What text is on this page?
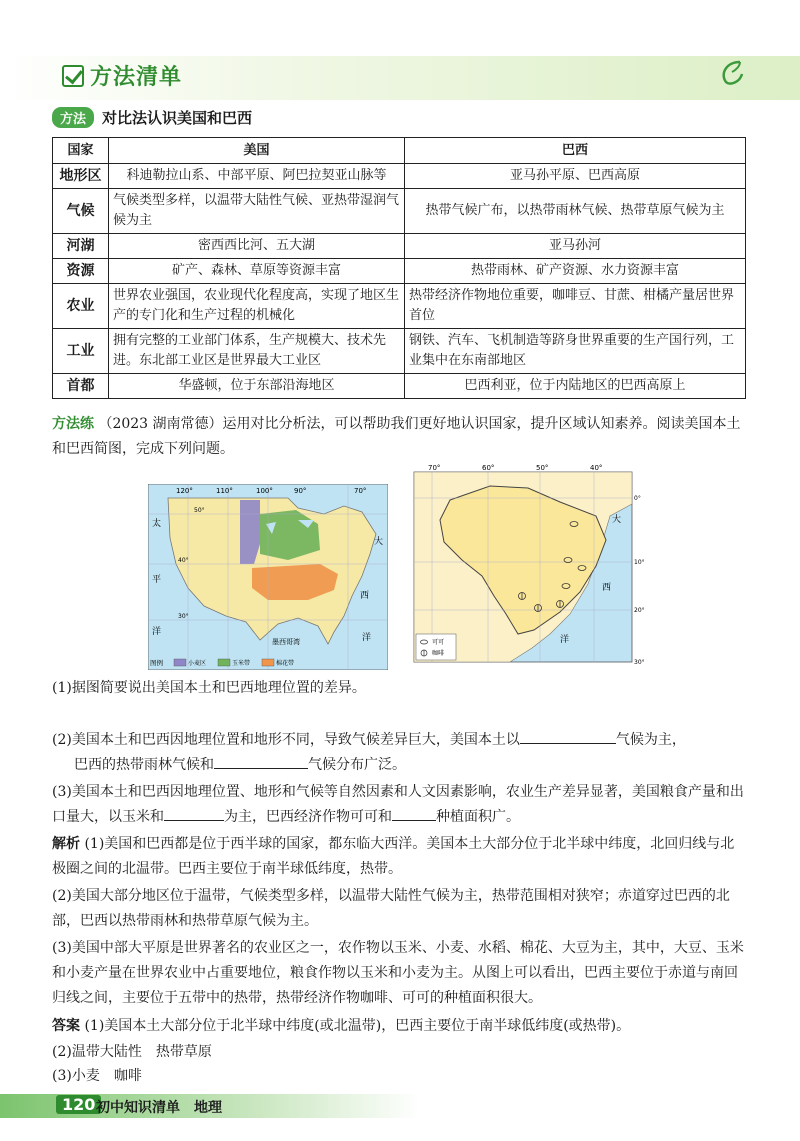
方法清单
方法	对比法认识美国和巴西
国家	美国	巴西
地形区	科迪勒拉山系、中部平原、阿巴拉契亚山脉等	亚马孙平原、巴西高原
气候	气候类型多样，以温带大陆性气候、亚热带湿润气候为主	热带气候广布，以热带雨林气候、热带草原气候为主
河湖	密西西比河、五大湖	亚马孙河
资源	矿产、森林、草原等资源丰富	热带雨林、矿产资源、水力资源丰富
农业	世界农业强国，农业现代化程度高，实现了地区生产的专门化和生产过程的机械化	热带经济作物地位重要，咖啡豆、甘蔗、柑橘产量居世界首位
工业	拥有完整的工业部门体系，生产规模大、技术先进。东北部工业区是世界最大工业区	钢铁、汽车、飞机制造等跻身世界重要的生产国行列，工业集中在东南部地区
首都	华盛顿，位于东部沿海地区	巴西利亚，位于内陆地区的巴西高原上
方法练 （2023 湖南常德）运用对比分析法，可以帮助我们更好地认识国家，提升区域认知素养。阅读美国本土和巴西简图，完成下列问题。
120°	110°	100°	90°	70°
50°
40°
30°
太
平
洋
大
西
洋
墨西哥湾
图例	小麦区	玉米带	棉花带
70°	60°	50°	40°
0°
10°
20°
30°
大
西
洋
可可
咖啡
(1)据图简要说出美国本土和巴西地理位置的差异。
(2)美国本土和巴西因地理位置和地形不同，导致气候差异巨大，美国本土以	气候为主，
巴西的热带雨林气候和	气候分布广泛。
(3)美国本土和巴西因地理位置、地形和气候等自然因素和人文因素影响，农业生产差异显著，美国粮食产量和出口量大，以玉米和	为主，巴西经济作物可可和	种植面积广。
解析 (1)美国和巴西都是位于西半球的国家，都东临大西洋。美国本土大部分位于北半球中纬度，北回归线与北极圈之间的北温带。巴西主要位于南半球低纬度，热带。
(2)美国大部分地区位于温带，气候类型多样，以温带大陆性气候为主，热带范围相对狭窄；赤道穿过巴西的北部，巴西以热带雨林和热带草原气候为主。
(3)美国中部大平原是世界著名的农业区之一，农作物以玉米、小麦、水稻、棉花、大豆为主，其中，大豆、玉米和小麦产量在世界农业中占重要地位，粮食作物以玉米和小麦为主。从图上可以看出，巴西主要位于赤道与南回归线之间，主要位于五带中的热带，热带经济作物咖啡、可可的种植面积很大。
答案 (1)美国本土大部分位于北半球中纬度(或北温带)，巴西主要位于南半球低纬度(或热带)。
(2)温带大陆性　热带草原
(3)小麦　咖啡
120 初中知识清单　地理
